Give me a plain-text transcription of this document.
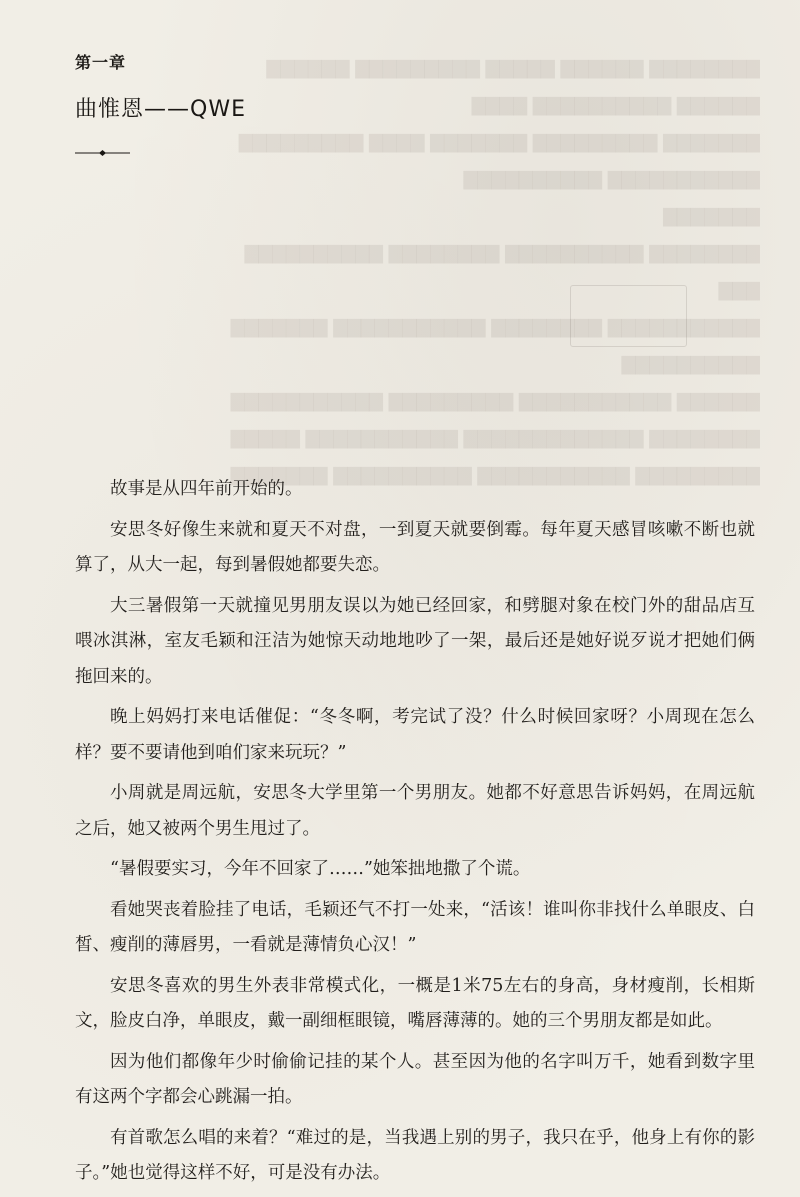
▇▇▇▇▇▇▇▇ ▇▇▇▇▇▇ ▇▇▇▇▇ ▇▇▇▇▇▇▇▇▇ ▇▇▇▇▇▇
▇▇▇▇▇▇ ▇▇▇▇▇▇▇▇▇▇ ▇▇▇▇
▇▇▇▇▇▇▇ ▇▇▇▇▇▇▇▇▇ ▇▇▇▇▇▇▇ ▇▇▇▇ ▇▇▇▇▇▇▇▇▇
▇▇▇▇▇▇▇▇▇▇▇ ▇▇▇▇▇▇▇▇▇▇
▇▇▇▇▇▇▇
▇▇▇▇▇▇▇▇ ▇▇▇▇▇▇▇▇▇▇ ▇▇▇▇▇▇▇▇ ▇▇▇▇▇▇▇▇▇▇
▇▇▇
▇▇▇▇▇▇▇▇▇▇▇ ▇▇▇▇▇▇▇▇ ▇▇▇▇▇▇▇▇▇▇▇ ▇▇▇▇▇▇▇
▇▇▇▇▇▇▇▇▇▇
▇▇▇▇▇▇ ▇▇▇▇▇▇▇▇▇▇▇ ▇▇▇▇▇▇▇▇▇ ▇▇▇▇▇▇▇▇▇▇▇
▇▇▇▇▇▇▇▇ ▇▇▇▇▇▇▇▇▇▇▇▇▇ ▇▇▇▇▇▇▇▇▇▇▇ ▇▇▇▇▇
▇▇▇▇▇▇▇▇▇ ▇▇▇▇▇▇▇▇▇▇▇ ▇▇▇▇▇▇▇▇▇▇ ▇▇▇▇▇▇▇
第一章
曲惟恩——QWE

故事是从四年前开始的。

安思冬好像生来就和夏天不对盘，一到夏天就要倒霉。每年夏天感冒咳嗽不断也就算了，从大一起，每到暑假她都要失恋。

大三暑假第一天就撞见男朋友误以为她已经回家，和劈腿对象在校门外的甜品店互喂冰淇淋，室友毛颖和汪洁为她惊天动地地吵了一架，最后还是她好说歹说才把她们俩拖回来的。

晚上妈妈打来电话催促：“冬冬啊，考完试了没？什么时候回家呀？小周现在怎么样？要不要请他到咱们家来玩玩？”

小周就是周远航，安思冬大学里第一个男朋友。她都不好意思告诉妈妈，在周远航之后，她又被两个男生甩过了。

“暑假要实习，今年不回家了……”她笨拙地撒了个谎。

看她哭丧着脸挂了电话，毛颖还气不打一处来，“活该！谁叫你非找什么单眼皮、白皙、瘦削的薄唇男，一看就是薄情负心汉！”

安思冬喜欢的男生外表非常模式化，一概是1米75左右的身高，身材瘦削，长相斯文，脸皮白净，单眼皮，戴一副细框眼镜，嘴唇薄薄的。她的三个男朋友都是如此。

因为他们都像年少时偷偷记挂的某个人。甚至因为他的名字叫万千，她看到数字里有这两个字都会心跳漏一拍。

有首歌怎么唱的来着？“难过的是，当我遇上别的男子，我只在乎，他身上有你的影子。”她也觉得这样不好，可是没有办法。
